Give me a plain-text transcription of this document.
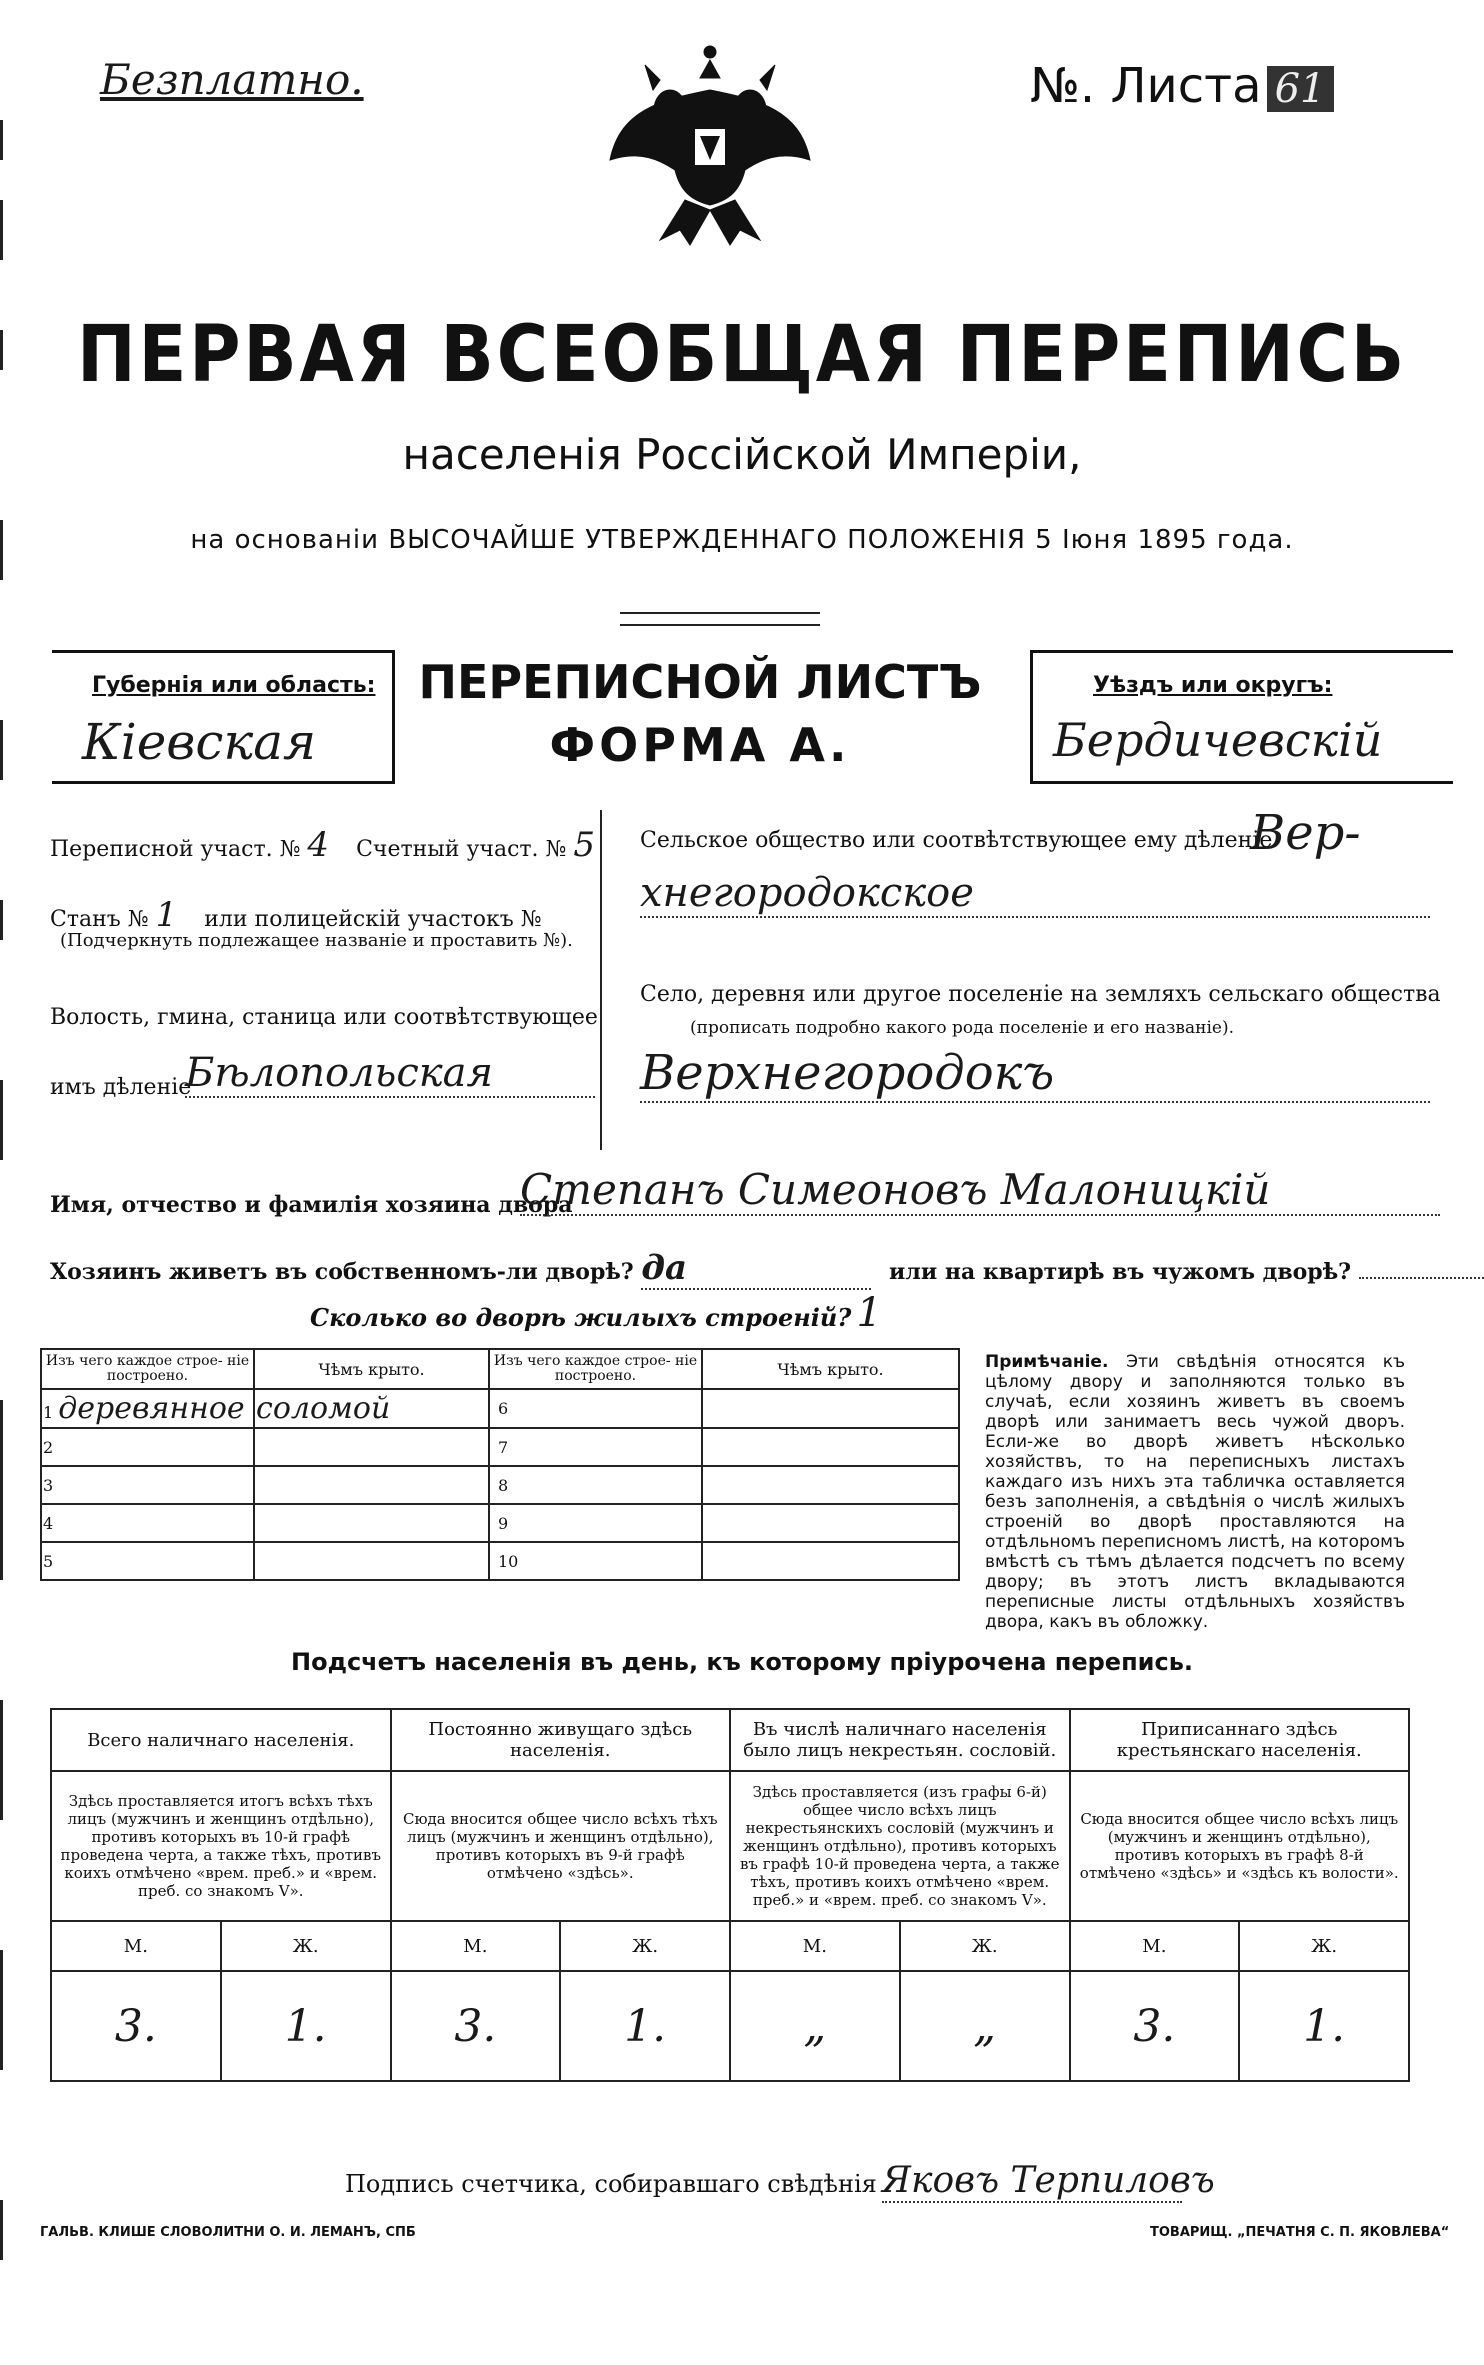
Безплатно.	№. Листа 61
ПЕРВАЯ ВСЕОБЩАЯ ПЕРЕПИСЬ
населенія Россійской Имперіи,
на основаніи ВЫСОЧАЙШЕ УТВЕРЖДЕННАГО ПОЛОЖЕНІЯ 5 Іюня 1895 года.
Губернія или область:
Кіевская
ПЕРЕПИСНОЙ ЛИСТЪ
ФОРМА А.
Уѣздъ или округъ:
Бердичевскій
Переписной участ. № 4 Счетный участ. № 5
Станъ № 1 или полицейскій участокъ №
(Подчеркнуть подлежащее названіе и проставить №).
Волость, гмина, станица или соотвѣтствующее
имъ дѣленіе
Бѣлопольская
Сельское общество или соотвѣтствующее ему дѣленіе
Вер-
хнегородокское
Село, деревня или другое поселеніе на земляхъ сельскаго общества
(прописать подробно какого рода поселеніе и его названіе).
Верхнегородокъ
Имя, отчество и фамилія хозяина двора
Степанъ Симеоновъ Малоницкій
Хозяинъ живетъ въ собственномъ-ли дворѣ? да	или на квартирѣ въ чужомъ дворѣ?
Сколько во дворѣ жилыхъ строеній? 1
Изъ чего каждое строе- ніе построено.	Чѣмъ крыто.	Изъ чего каждое строе- ніе построено.	Чѣмъ крыто.
1 деревянное	соломой	6	
2		7	
3		8	
4		9	
5		10	
Примѣчаніе. Эти свѣдѣнія относятся къ цѣлому двору и заполняются только въ случаѣ, если хозяинъ живетъ въ своемъ дворѣ или занимаетъ весь чужой дворъ. Если-же во дворѣ живетъ нѣсколько хозяйствъ, то на переписныхъ листахъ каждаго изъ нихъ эта табличка оставляется безъ заполненія, а свѣдѣнія о числѣ жилыхъ строеній во дворѣ проставляются на отдѣльномъ переписномъ листѣ, на которомъ вмѣстѣ съ тѣмъ дѣлается подсчетъ по всему двору; въ этотъ листъ вкладываются переписные листы отдѣльныхъ хозяйствъ двора, какъ въ обложку.
Подсчетъ населенія въ день, къ которому пріурочена перепись.
Всего наличнаго населенія.		Постоянно живущаго здѣсь населенія.		Въ числѣ наличнаго населенія было лицъ некрестьян. сословій.		Приписаннаго здѣсь крестьянскаго населенія.	
Здѣсь проставляется итогъ всѣхъ тѣхъ лицъ (мужчинъ и женщинъ отдѣльно), противъ которыхъ въ 10-й графѣ проведена черта, а также тѣхъ, противъ коихъ отмѣчено «врем. преб.» и «врем. преб. со знакомъ V».		Сюда вносится общее число всѣхъ тѣхъ лицъ (мужчинъ и женщинъ отдѣльно), противъ которыхъ въ 9-й графѣ отмѣчено «здѣсь».		Здѣсь проставляется (изъ графы 6-й) общее число всѣхъ лицъ некрестьянскихъ сословій (мужчинъ и женщинъ отдѣльно), противъ которыхъ въ графѣ 10-й проведена черта, а также тѣхъ, противъ коихъ отмѣчено «врем. преб.» и «врем. преб. со знакомъ V».		Сюда вносится общее число всѣхъ лицъ (мужчинъ и женщинъ отдѣльно), противъ которыхъ въ графѣ 8-й отмѣчено «здѣсь» и «здѣсь къ волости».	
М.	Ж.	М.	Ж.	М.	Ж.	М.	Ж.
3.	1.	3.	1.	„	„	3.	1.
Подпись счетчика, собиравшаго свѣдѣнія Яковъ Терпиловъ
ГАЛЬВ. КЛИШЕ СЛОВОЛИТНИ О. И. ЛЕМАНЪ, СПБ	ТОВАРИЩ. „ПЕЧАТНЯ С. П. ЯКОВЛЕВА“
